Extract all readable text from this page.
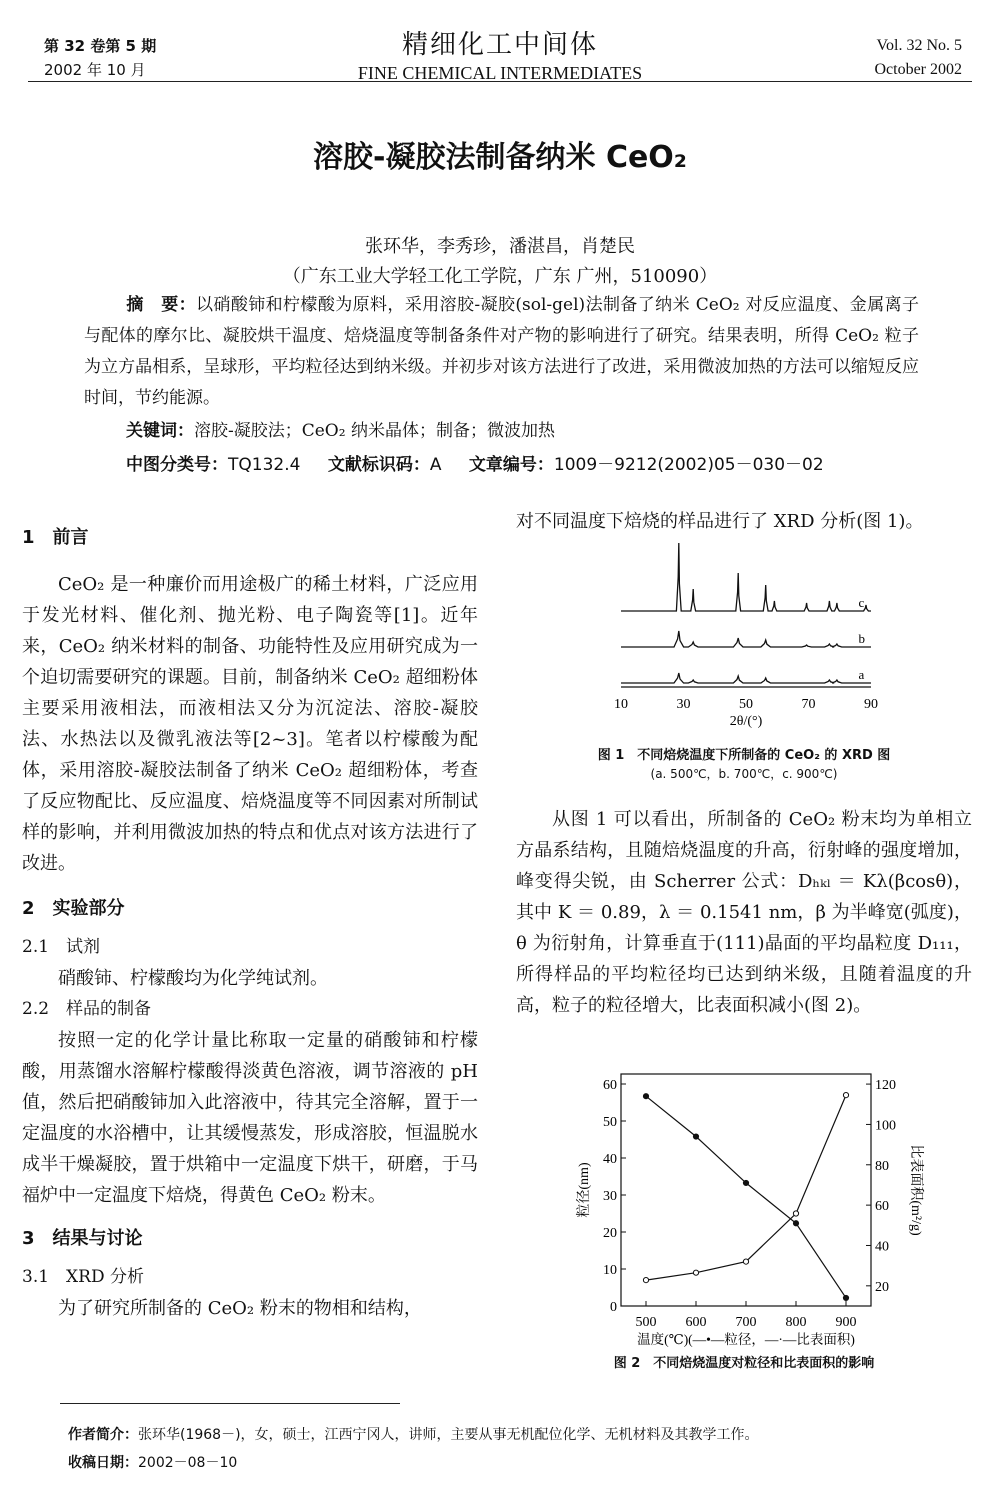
第 32 卷第 5 期
2002 年 10 月
精细化工中间体
FINE CHEMICAL INTERMEDIATES
Vol. 32 No. 5
October 2002
溶胶-凝胶法制备纳米 CeO₂
张环华，李秀珍，潘湛昌，肖楚民
（广东工业大学轻工化工学院，广东 广州，510090）
摘　要：以硝酸铈和柠檬酸为原料，采用溶胶-凝胶(sol-gel)法制备了纳米 CeO₂ 对反应温度、金属离子与配体的摩尔比、凝胶烘干温度、焙烧温度等制备条件对产物的影响进行了研究。结果表明，所得 CeO₂ 粒子为立方晶相系，呈球形，平均粒径达到纳米级。并初步对该方法进行了改进，采用微波加热的方法可以缩短反应时间，节约能源。
关键词：溶胶-凝胶法；CeO₂ 纳米晶体；制备；微波加热
中图分类号：TQ132.4 文献标识码：A 文章编号：1009－9212(2002)05－030－02
1　前言

CeO₂ 是一种廉价而用途极广的稀土材料，广泛应用于发光材料、催化剂、抛光粉、电子陶瓷等[1]。近年来，CeO₂ 纳米材料的制备、功能特性及应用研究成为一个迫切需要研究的课题。目前，制备纳米 CeO₂ 超细粉体主要采用液相法，而液相法又分为沉淀法、溶胶-凝胶法、水热法以及微乳液法等[2~3]。笔者以柠檬酸为配体，采用溶胶-凝胶法制备了纳米 CeO₂ 超细粉体，考查了反应物配比、反应温度、焙烧温度等不同因素对所制试样的影响，并利用微波加热的特点和优点对该方法进行了改进。

2　实验部分
2.1　试剂

硝酸铈、柠檬酸均为化学纯试剂。

2.2　样品的制备

按照一定的化学计量比称取一定量的硝酸铈和柠檬酸，用蒸馏水溶解柠檬酸得淡黄色溶液，调节溶液的 pH 值，然后把硝酸铈加入此溶液中，待其完全溶解，置于一定温度的水浴槽中，让其缓慢蒸发，形成溶胶，恒温脱水成半干燥凝胶，置于烘箱中一定温度下烘干，研磨，于马福炉中一定温度下焙烧，得黄色 CeO₂ 粉末。

3　结果与讨论
3.1　XRD 分析

为了研究所制备的 CeO₂ 粉末的物相和结构，

对不同温度下焙烧的样品进行了 XRD 分析(图 1)。

a
b
c
10	30	50	70	90
2θ/(°)
图 1　不同焙烧温度下所制备的 CeO₂ 的 XRD 图
(a. 500℃，b. 700℃，c. 900℃)

从图 1 可以看出，所制备的 CeO₂ 粉末均为单相立方晶系结构，且随焙烧温度的升高，衍射峰的强度增加，峰变得尖锐，由 Scherrer 公式：Dₕₖₗ ＝ Kλ(βcosθ)，其中 K ＝ 0.89，λ ＝ 0.1541 nm，β 为半峰宽(弧度)，θ 为衍射角，计算垂直于(111)晶面的平均晶粒度 D₁₁₁，所得样品的平均粒径均已达到纳米级，且随着温度的升高，粒子的粒径增大，比表面积减小(图 2)。

0
10
20
30
40
50
60
20
40
60
80
100
120
500 600 700 800 900
粒径(nm)	比表面积(m²/g)
温度(℃)(—•—粒径，—·—比表面积)
图 2　不同焙烧温度对粒径和比表面积的影响
作者简介：张环华(1968－)，女，硕士，江西宁冈人，讲师，主要从事无机配位化学、无机材料及其教学工作。
收稿日期：2002－08－10
